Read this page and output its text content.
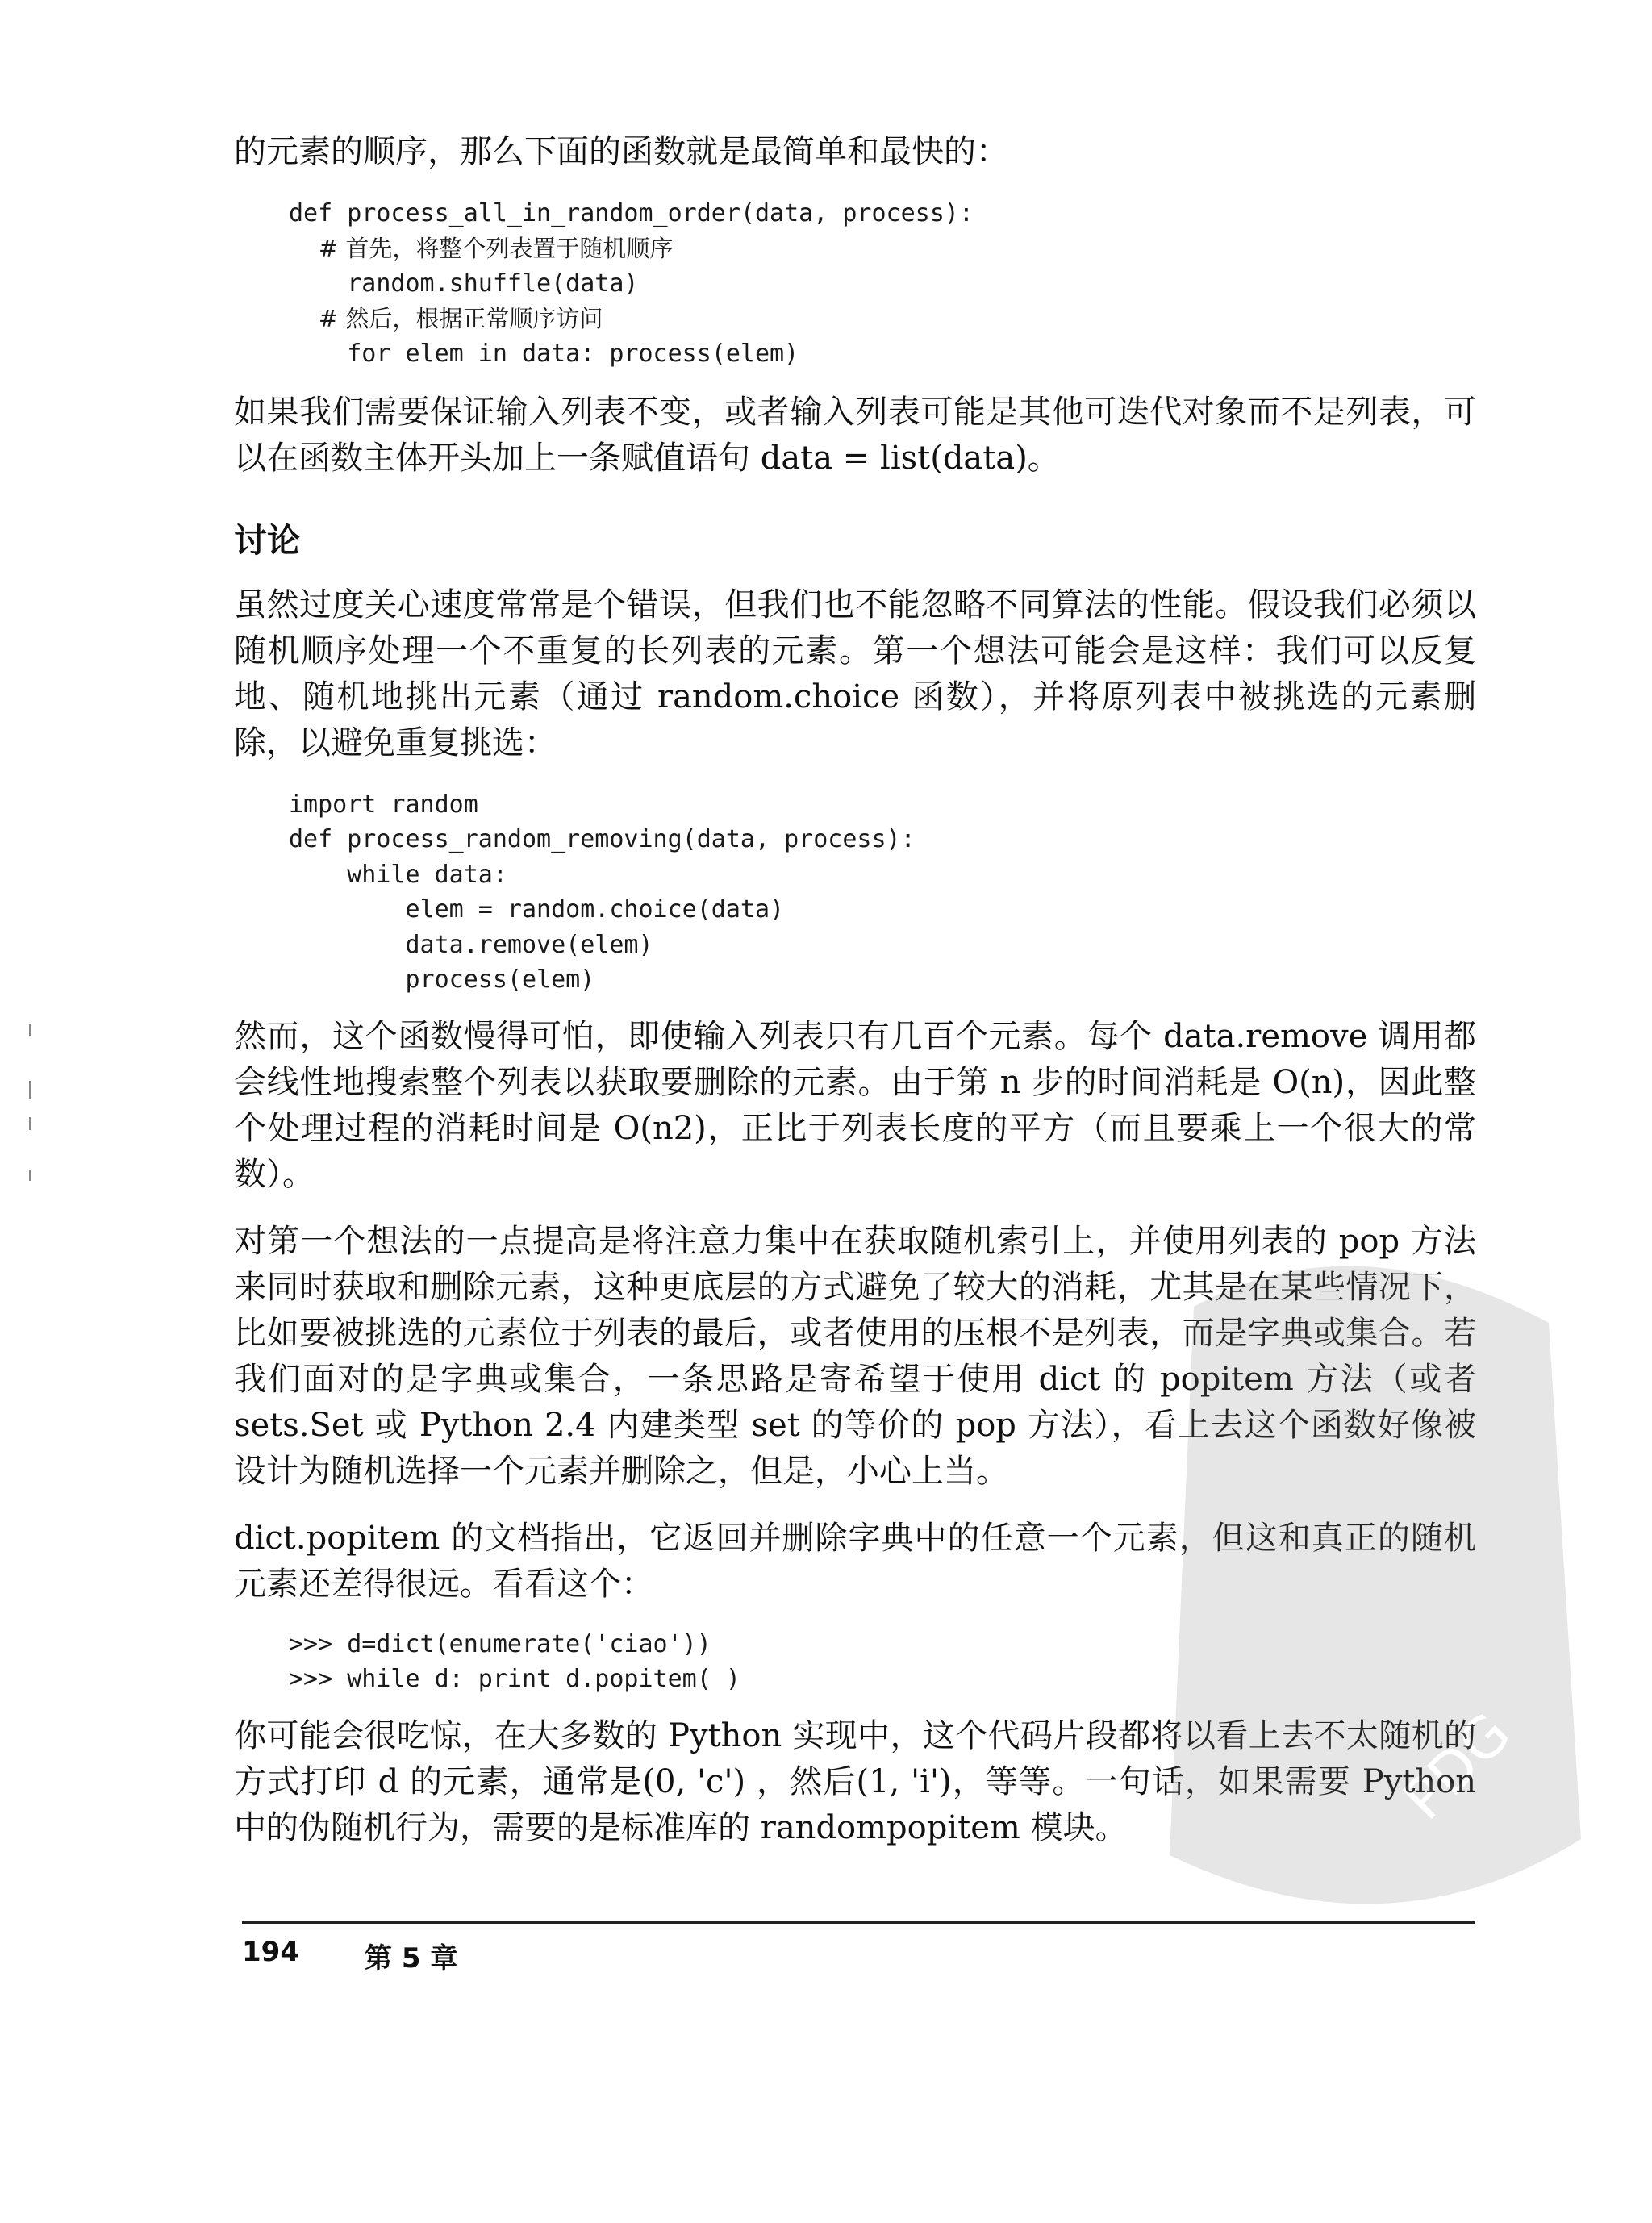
的元素的顺序，那么下面的函数就是最简单和最快的：

def process_all_in_random_order(data, process):
# 首先，将整个列表置于随机顺序
random.shuffle(data)
# 然后，根据正常顺序访问
for elem in data: process(elem)

如果我们需要保证输入列表不变，或者输入列表可能是其他可迭代对象而不是列表，可以在函数主体开头加上一条赋值语句 data = list(data)。

讨论

虽然过度关心速度常常是个错误，但我们也不能忽略不同算法的性能。假设我们必须以随机顺序处理一个不重复的长列表的元素。第一个想法可能会是这样：我们可以反复地、随机地挑出元素（通过 random.choice 函数），并将原列表中被挑选的元素删除，以避免重复挑选：

import random
def process_random_removing(data, process):
while data:
elem = random.choice(data)
data.remove(elem)
process(elem)

然而，这个函数慢得可怕，即使输入列表只有几百个元素。每个 data.remove 调用都会线性地搜索整个列表以获取要删除的元素。由于第 n 步的时间消耗是 O(n)，因此整个处理过程的消耗时间是 O(n2)，正比于列表长度的平方（而且要乘上一个很大的常数）。

对第一个想法的一点提高是将注意力集中在获取随机索引上，并使用列表的 pop 方法来同时获取和删除元素，这种更底层的方式避免了较大的消耗，尤其是在某些情况下，比如要被挑选的元素位于列表的最后，或者使用的压根不是列表，而是字典或集合。若我们面对的是字典或集合，一条思路是寄希望于使用 dict 的 popitem 方法（或者 sets.Set 或 Python 2.4 内建类型 set 的等价的 pop 方法），看上去这个函数好像被设计为随机选择一个元素并删除之，但是，小心上当。

dict.popitem 的文档指出，它返回并删除字典中的任意一个元素，但这和真正的随机元素还差得很远。看看这个：

>>> d=dict(enumerate('ciao'))
>>> while d: print d.popitem( )

你可能会很吃惊，在大多数的 Python 实现中，这个代码片段都将以看上去不太随机的方式打印 d 的元素，通常是(0, 'c') ，然后(1, 'i')，等等。一句话，如果需要 Python 中的伪随机行为，需要的是标准库的 randompopitem 模块。	PDG
194 第 5 章
